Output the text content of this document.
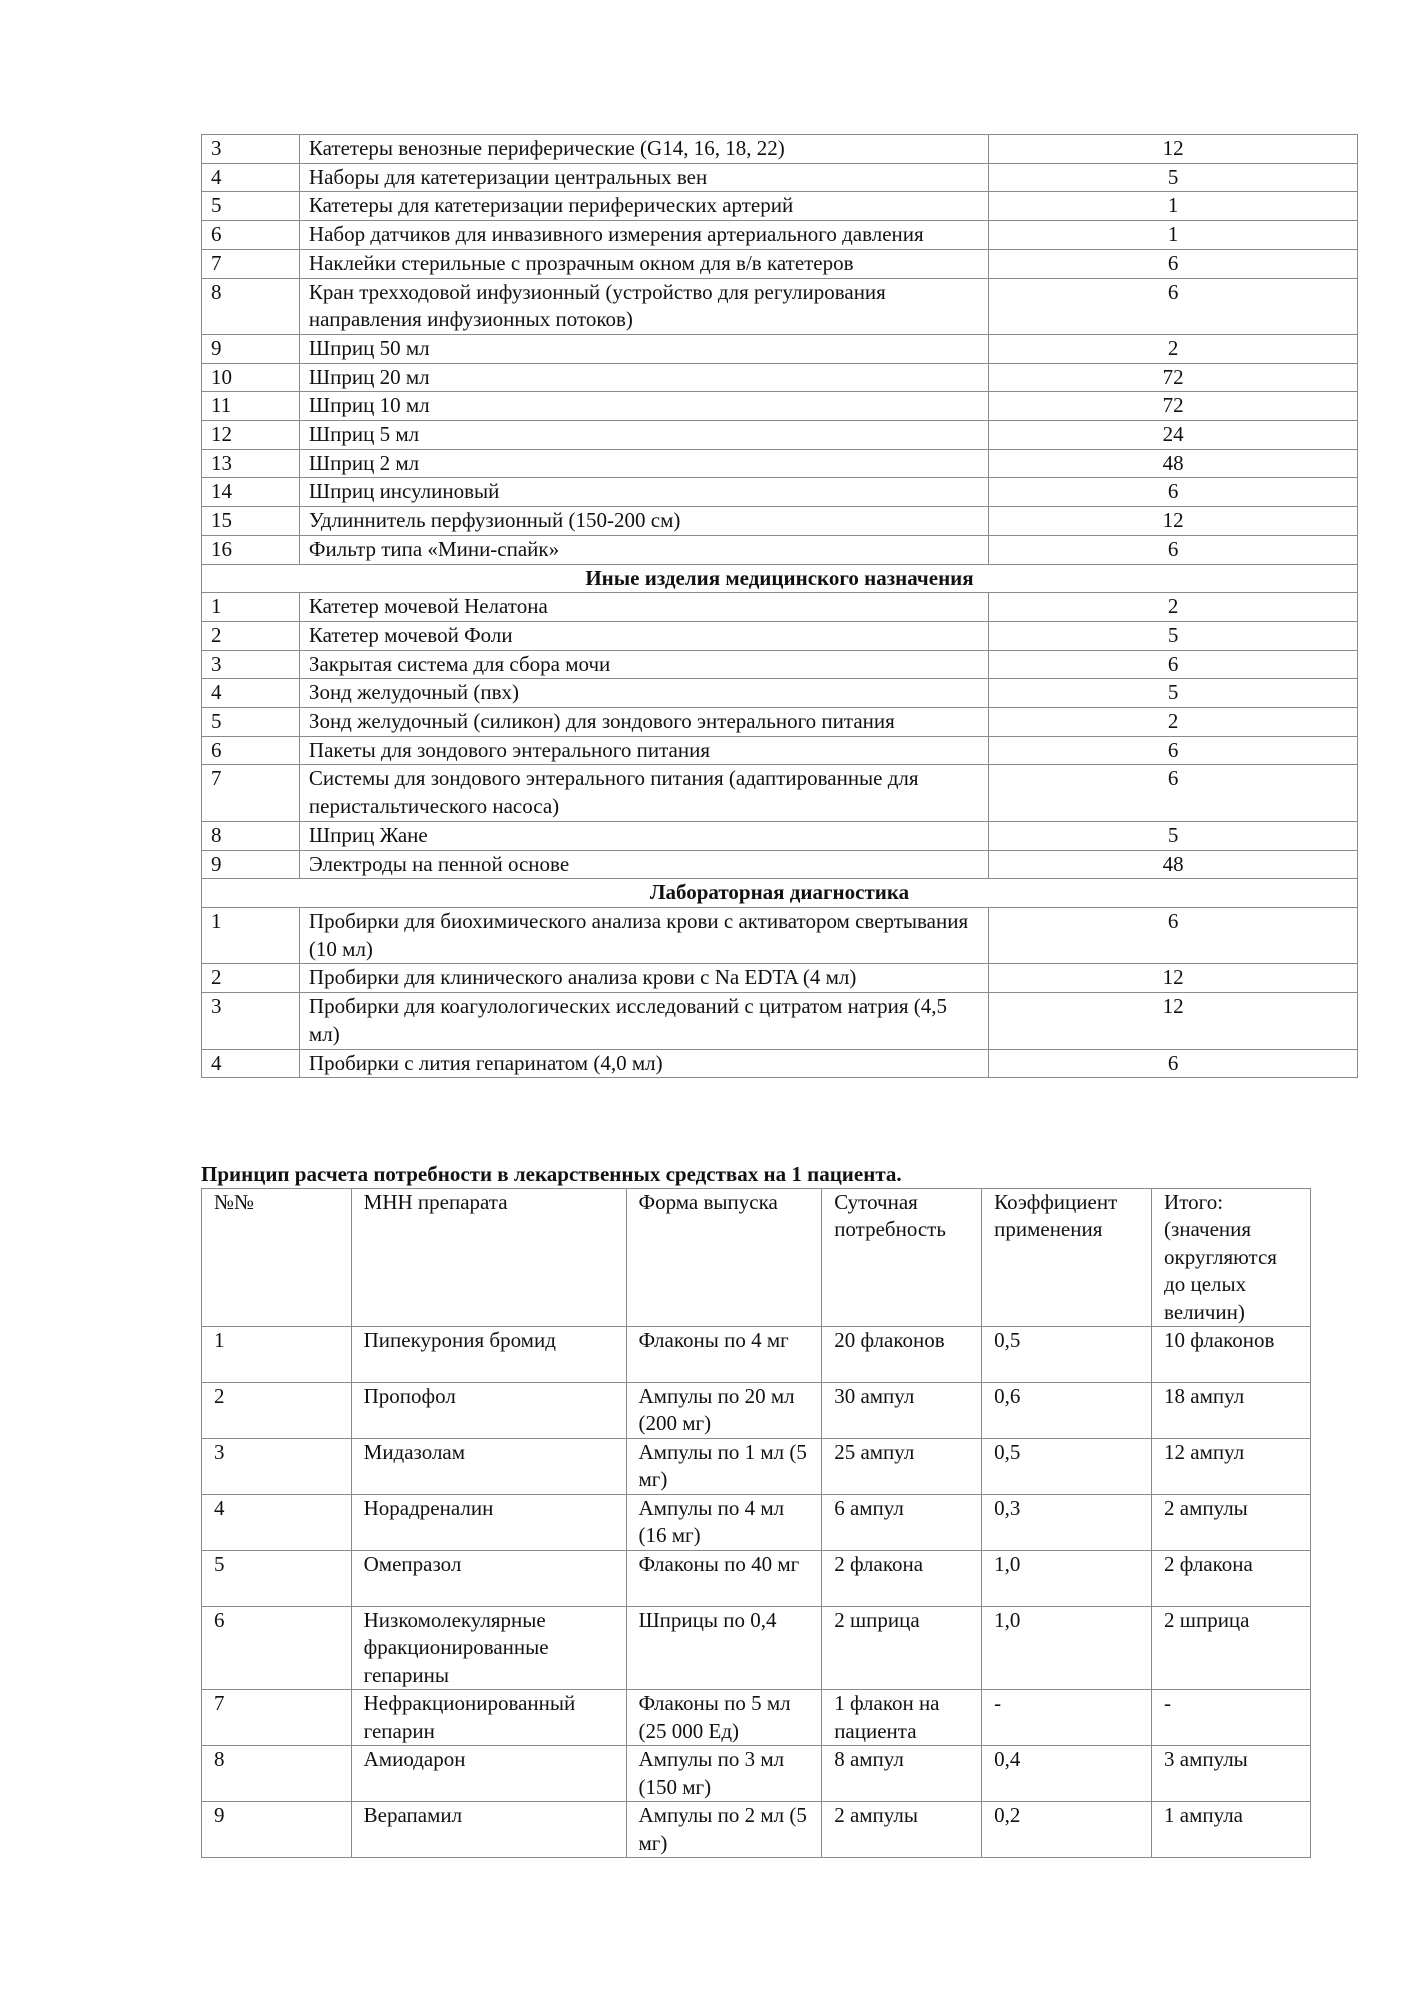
3	Катетеры венозные периферические (G14, 16, 18, 22)	12
4	Наборы для катетеризации центральных вен	5
5	Катетеры для катетеризации периферических артерий	1
6	Набор датчиков для инвазивного измерения артериального давления	1
7	Наклейки стерильные с прозрачным окном для в/в катетеров	6
8	Кран трехходовой инфузионный (устройство для регулирования направления инфузионных потоков)	6
9	Шприц 50 мл	2
10	Шприц 20 мл	72
11	Шприц 10 мл	72
12	Шприц 5 мл	24
13	Шприц 2 мл	48
14	Шприц инсулиновый	6
15	Удлиннитель перфузионный (150-200 см)	12
16	Фильтр типа «Мини-спайк»	6
Иные изделия медицинского назначения		
1	Катетер мочевой Нелатона	2
2	Катетер мочевой Фоли	5
3	Закрытая система для сбора мочи	6
4	Зонд желудочный (пвх)	5
5	Зонд желудочный (силикон) для зондового энтерального питания	2
6	Пакеты для зондового энтерального питания	6
7	Системы для зондового энтерального питания (адаптированные для перистальтического насоса)	6
8	Шприц Жане	5
9	Электроды на пенной основе	48
Лабораторная диагностика		
1	Пробирки для биохимического анализа крови с активатором свертывания (10 мл)	6
2	Пробирки для клинического анализа крови с Na EDTA (4 мл)	12
3	Пробирки для коагулологических исследований с цитратом натрия (4,5 мл)	12
4	Пробирки с лития гепаринатом (4,0 мл)	6
Принцип расчета потребности в лекарственных средствах на 1 пациента.
№№	МНН препарата	Форма выпуска	Суточная потребность	Коэффициент применения	Итого: (значения округляются до целых величин)
1	Пипекурония бромид	Флаконы по 4 мг	20 флаконов	0,5	10 флаконов
2	Пропофол	Ампулы по 20 мл (200 мг)	30 ампул	0,6	18 ампул
3	Мидазолам	Ампулы по 1 мл (5 мг)	25 ампул	0,5	12 ампул
4	Норадреналин	Ампулы по 4 мл (16 мг)	6 ампул	0,3	2 ампулы
5	Омепразол	Флаконы по 40 мг	2 флакона	1,0	2 флакона
6	Низкомолекулярные фракционированные гепарины	Шприцы по 0,4	2 шприца	1,0	2 шприца
7	Нефракционированный гепарин	Флаконы по 5 мл (25 000 Ед)	1 флакон на пациента	-	-
8	Амиодарон	Ампулы по 3 мл (150 мг)	8 ампул	0,4	3 ампулы
9	Верапамил	Ампулы по 2 мл (5 мг)	2 ампулы	0,2	1 ампула
